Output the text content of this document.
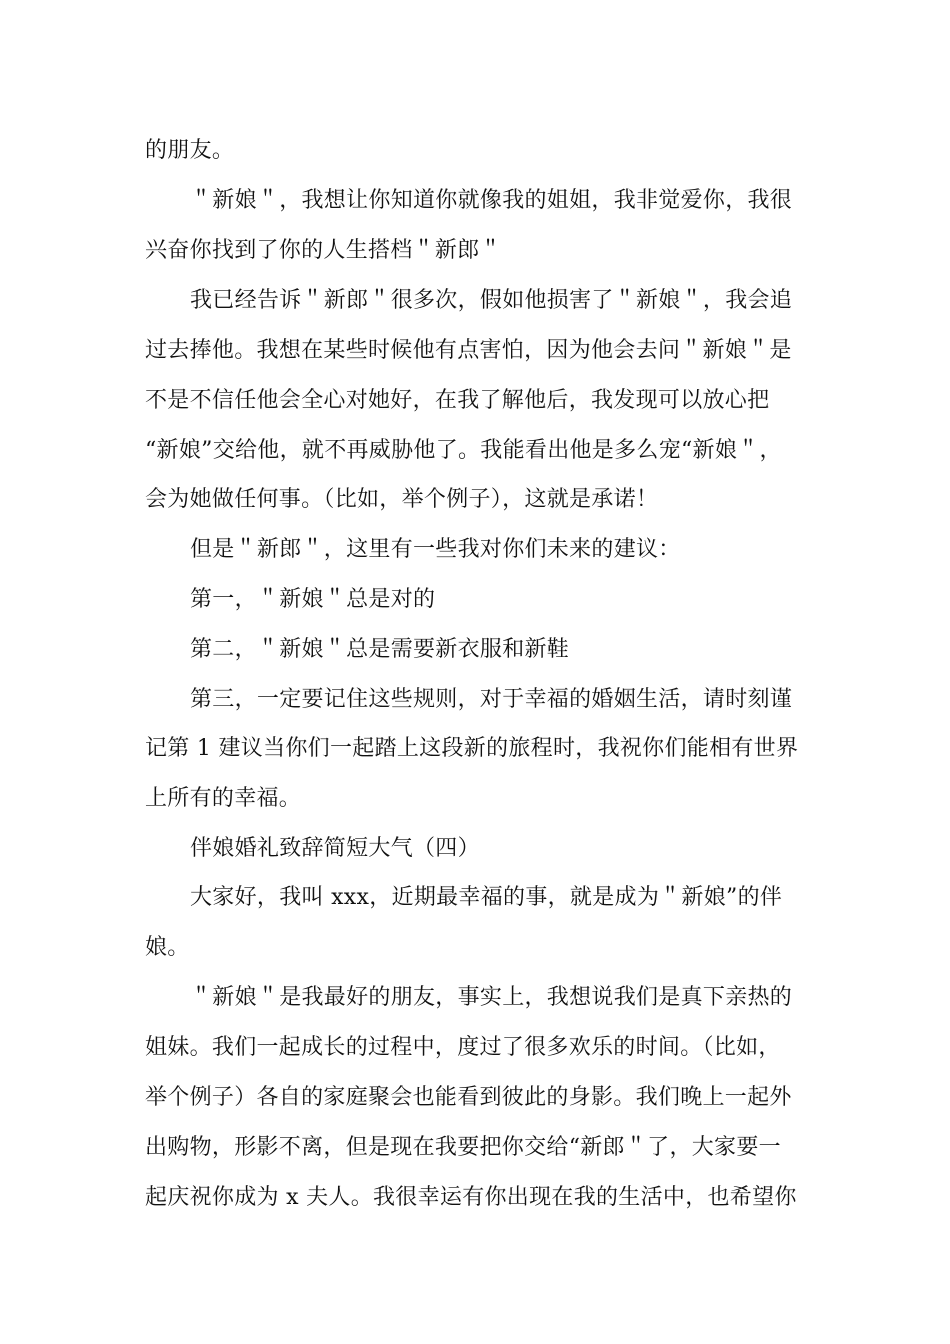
的朋友。
＂新娘＂，我想让你知道你就像我的姐姐，我非觉爱你，我很
兴奋你找到了你的人生搭档＂新郎＂
我已经告诉＂新郎＂很多次，假如他损害了＂新娘＂，我会追
过去捧他。我想在某些时候他有点害怕，因为他会去问＂新娘＂是
不是不信任他会全心对她好，在我了解他后，我发现可以放心把
“新娘”交给他，就不再威胁他了。我能看出他是多么宠“新娘＂，
会为她做任何事。（比如，举个例子），这就是承诺！
但是＂新郎＂，这里有一些我对你们未来的建议：
第一，＂新娘＂总是对的
第二，＂新娘＂总是需要新衣服和新鞋
第三，一定要记住这些规则，对于幸福的婚姻生活，请时刻谨
记第 1 建议当你们一起踏上这段新的旅程时，我祝你们能相有世界
上所有的幸福。
伴娘婚礼致辞简短大气（四）
大家好，我叫 xxx，近期最幸福的事，就是成为＂新娘”的伴
娘。
＂新娘＂是我最好的朋友，事实上，我想说我们是真下亲热的
姐妹。我们一起成长的过程中，度过了很多欢乐的时间。（比如，
举个例子）各自的家庭聚会也能看到彼此的身影。我们晚上一起外
出购物，形影不离，但是现在我要把你交给“新郎＂了，大家要一
起庆祝你成为 x 夫人。我很幸运有你出现在我的生活中，也希望你
